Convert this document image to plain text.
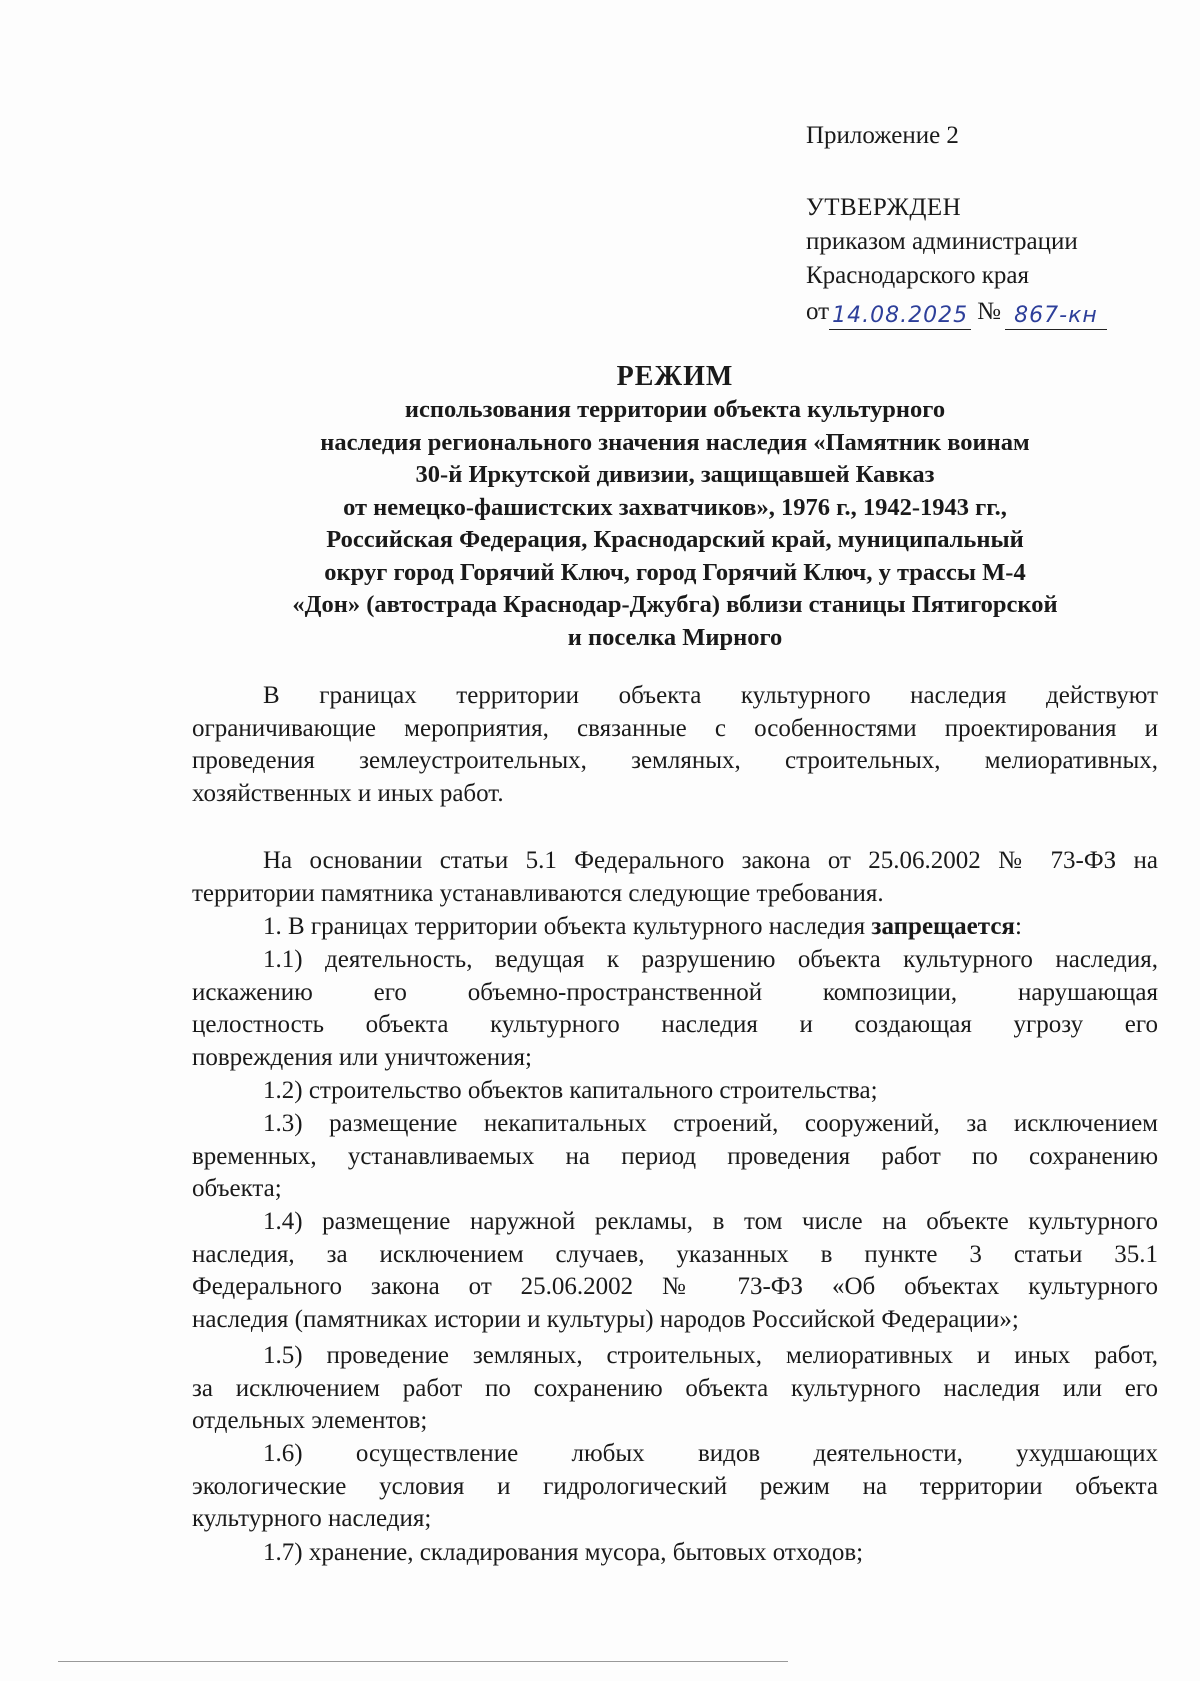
Приложение 2
УТВЕРЖДЕН
приказом администрации
Краснодарского края
от 14.08.2025 № 867-кн
РЕЖИМ
использования территории объекта культурного
наследия регионального значения наследия «Памятник воинам
30-й Иркутской дивизии, защищавшей Кавказ
от немецко-фашистских захватчиков», 1976 г., 1942-1943 гг.,
Российская Федерация, Краснодарский край, муниципальный
округ город Горячий Ключ, город Горячий Ключ, у трассы М-4
«Дон» (автострада Краснодар-Джубга) вблизи станицы Пятигорской
и поселка Мирного
В границах территории объекта культурного наследия действуют
ограничивающие мероприятия, связанные с особенностями проектирования и
проведения землеустроительных, земляных, строительных, мелиоративных,
хозяйственных и иных работ.
На основании статьи 5.1 Федерального закона от 25.06.2002 № 73-ФЗ на
территории памятника устанавливаются следующие требования.
1. В границах территории объекта культурного наследия запрещается:
1.1) деятельность, ведущая к разрушению объекта культурного наследия,
искажению его объемно-пространственной композиции, нарушающая
целостность объекта культурного наследия и создающая угрозу его
повреждения или уничтожения;
1.2) строительство объектов капитального строительства;
1.3) размещение некапитальных строений, сооружений, за исключением
временных, устанавливаемых на период проведения работ по сохранению
объекта;
1.4) размещение наружной рекламы, в том числе на объекте культурного
наследия, за исключением случаев, указанных в пункте 3 статьи 35.1
Федерального закона от 25.06.2002 № 73-ФЗ «Об объектах культурного
наследия (памятниках истории и культуры) народов Российской Федерации»;
1.5) проведение земляных, строительных, мелиоративных и иных работ,
за исключением работ по сохранению объекта культурного наследия или его
отдельных элементов;
1.6) осуществление любых видов деятельности, ухудшающих
экологические условия и гидрологический режим на территории объекта
культурного наследия;
1.7) хранение, складирования мусора, бытовых отходов;
